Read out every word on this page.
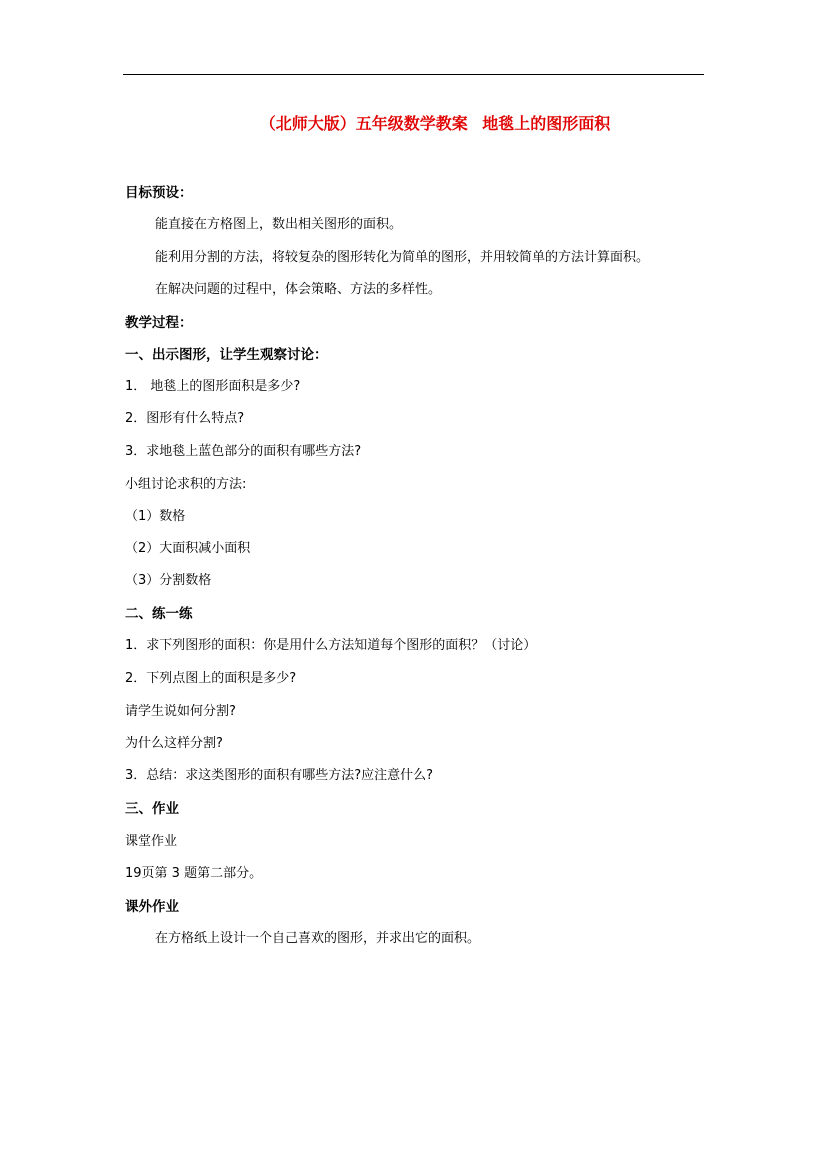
（北师大版）五年级数学教案 地毯上的图形面积
目标预设：
能直接在方格图上，数出相关图形的面积。
能利用分割的方法，将较复杂的图形转化为简单的图形，并用较简单的方法计算面积。
在解决问题的过程中，体会策略、方法的多样性。
教学过程：
一、出示图形，让学生观察讨论：
1． 地毯上的图形面积是多少?
2．图形有什么特点?
3．求地毯上蓝色部分的面积有哪些方法?
小组讨论求积的方法:
（1）数格
（2）大面积减小面积
（3）分割数格
二、练一练
1．求下列图形的面积：你是用什么方法知道每个图形的面积？（讨论）
2．下列点图上的面积是多少?
请学生说如何分割?
为什么这样分割?
3．总结：求这类图形的面积有哪些方法?应注意什么?
三、作业
课堂作业
19页第 3 题第二部分。
课外作业
在方格纸上设计一个自己喜欢的图形，并求出它的面积。
